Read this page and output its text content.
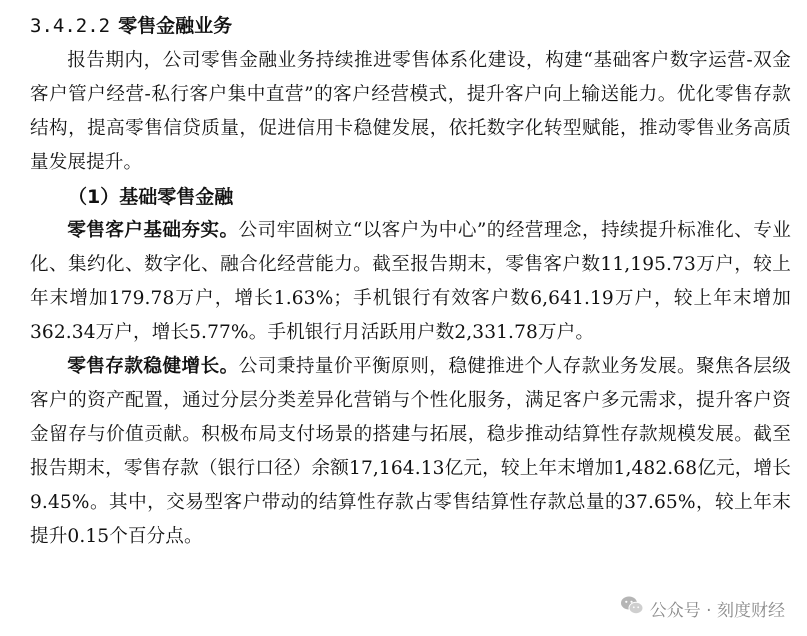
3.4.2.2 零售金融业务

报告期内，公司零售金融业务持续推进零售体系化建设，构建“基础客户数字运营-双金客户管户经营-私行客户集中直营”的客户经营模式，提升客户向上输送能力。优化零售存款结构，提高零售信贷质量，促进信用卡稳健发展，依托数字化转型赋能，推动零售业务高质量发展提升。

（1）基础零售金融

零售客户基础夯实。公司牢固树立“以客户为中心”的经营理念，持续提升标准化、专业化、集约化、数字化、融合化经营能力。截至报告期末，零售客户数11,195.73万户，较上年末增加179.78万户，增长1.63%；手机银行有效客户数6,641.19万户，较上年末增加362.34万户，增长5.77%。手机银行月活跃用户数2,331.78万户。

零售存款稳健增长。公司秉持量价平衡原则，稳健推进个人存款业务发展。聚焦各层级客户的资产配置，通过分层分类差异化营销与个性化服务，满足客户多元需求，提升客户资金留存与价值贡献。积极布局支付场景的搭建与拓展，稳步推动结算性存款规模发展。截至报告期末，零售存款（银行口径）余额17,164.13亿元，较上年末增加1,482.68亿元，增长9.45%。其中，交易型客户带动的结算性存款占零售结算性存款总量的37.65%，较上年末提升0.15个百分点。

公众号 · 刻度财经
